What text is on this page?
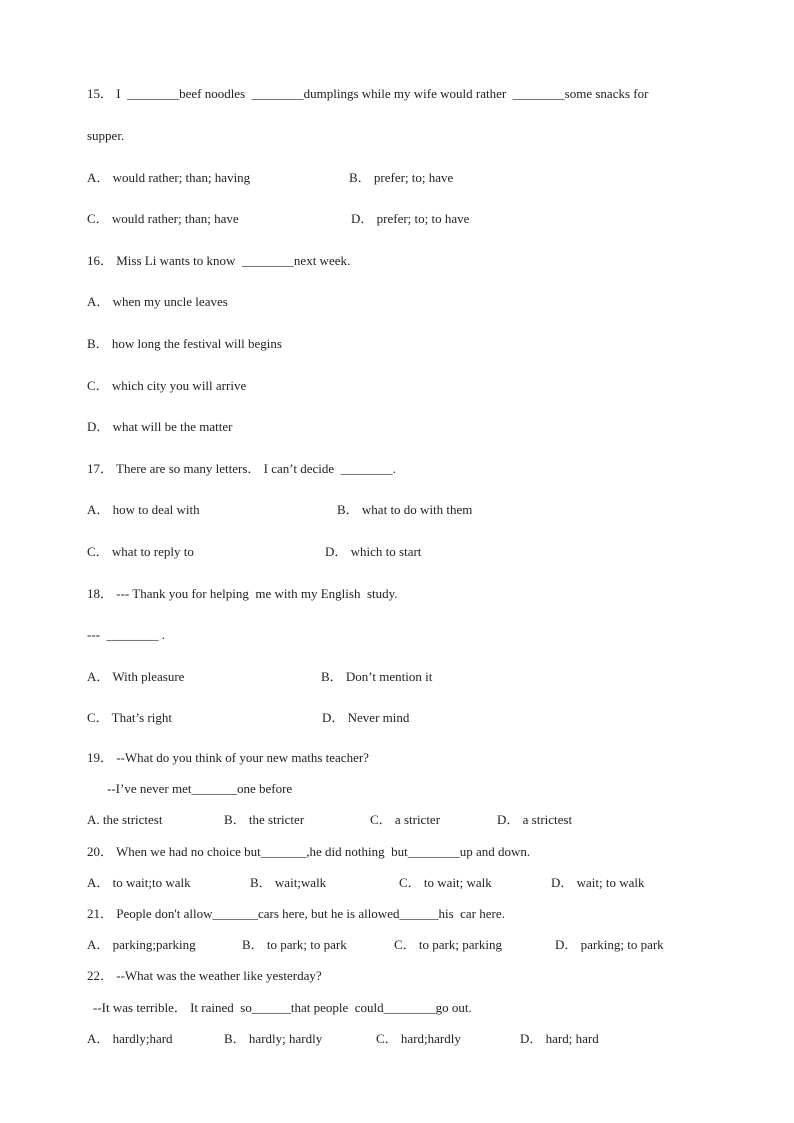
15． I  ________beef noodles  ________dumplings while my wife would rather  ________some snacks for
supper.
A． would rather; than; having	B． prefer; to; have
C． would rather; than; have	D． prefer; to; to have
16． Miss Li wants to know  ________next week.
A． when my uncle leaves
B． how long the festival will begins
C． which city you will arrive
D． what will be the matter
17． There are so many letters． I can’t decide  ________.
A． how to deal with	B． what to do with them
C． what to reply to	D． which to start
18． --- Thank you for helping  me with my English  study.
---  ________ .
A． With pleasure	B． Don’t mention it
C． That’s right	D． Never mind
19． --What do you think of your new maths teacher?
--I’ve never met_______one before
A. the strictest	B． the stricter	C． a stricter	D． a strictest
20． When we had no choice but_______,he did nothing  but________up and down.
A． to wait;to walk	B． wait;walk	C． to wait; walk	D． wait; to walk
21． People don't allow_______cars here, but he is allowed______his  car here.
A． parking;parking	B． to park; to park	C． to park; parking	D． parking; to park
22． --What was the weather like yesterday?
--It was terrible． It rained  so______that people  could________go out.
A． hardly;hard	B． hardly; hardly	C． hard;hardly	D． hard; hard
